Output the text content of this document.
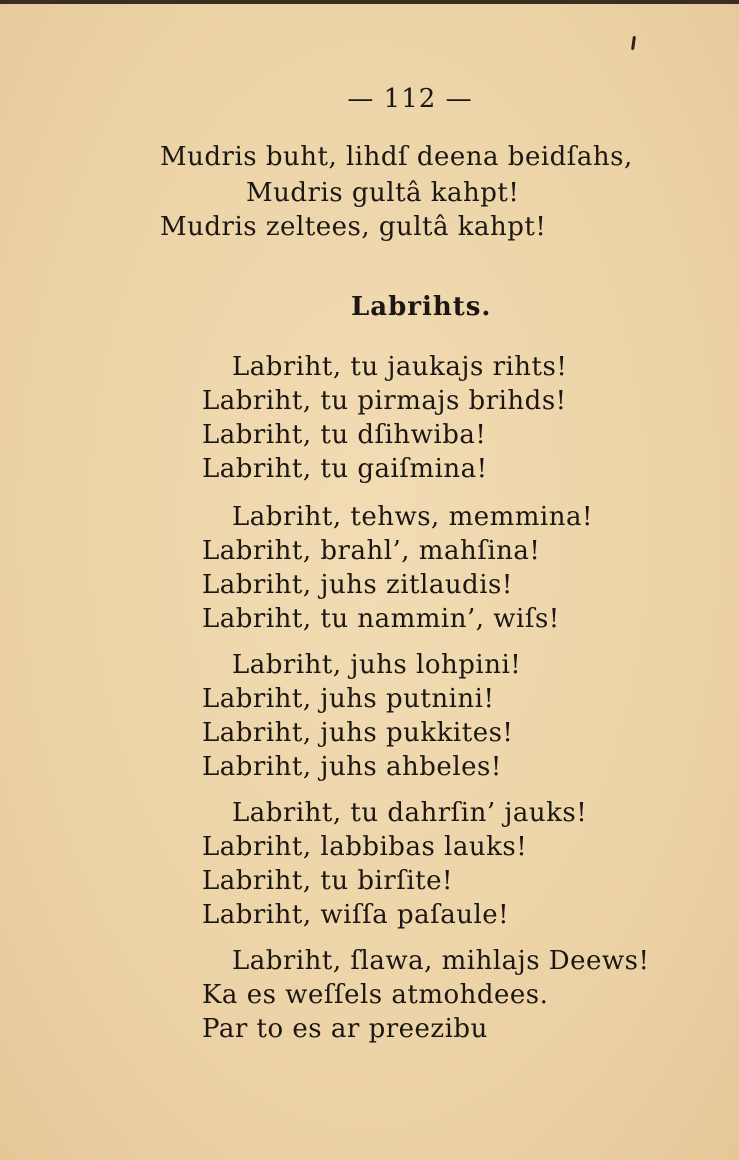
— 112 —
Mudris buht, lihdſ deena beidſahs,
Mudris gultâ kahpt!
Mudris zeltees, gultâ kahpt!
Labrihts.
Labriht, tu jaukajs rihts!
Labriht, tu pirmajs brihds!
Labriht, tu dſihwiba!
Labriht, tu gaiſmina!
Labriht, tehws, memmina!
Labriht, brahl’, mahſina!
Labriht, juhs zitlaudis!
Labriht, tu nammin’, wiſs!
Labriht, juhs lohpini!
Labriht, juhs putnini!
Labriht, juhs pukkites!
Labriht, juhs ahbeles!
Labriht, tu dahrſin’ jauks!
Labriht, labbibas lauks!
Labriht, tu birſite!
Labriht, wiſſa paſaule!
Labriht, ſlawa, mihlajs Deews!
Ka es weſſels atmohdees.
Par to es ar preezibu
